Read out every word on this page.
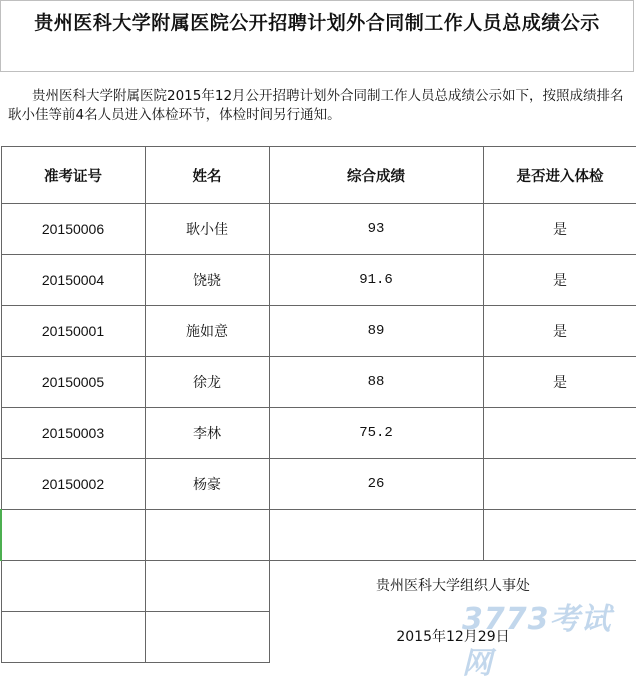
贵州医科大学附属医院公开招聘计划外合同制工作人员总成绩公示
贵州医科大学附属医院2015年12月公开招聘计划外合同制工作人员总成绩公示如下，按照成绩排名耿小佳等前4名人员进入体检环节，体检时间另行通知。
准考证号	姓名	综合成绩	是否进入体检
20150006	耿小佳	93	是
20150004	饶骁	91.6	是
20150001	施如意	89	是
20150005	徐龙	88	是
20150003	李林	75.2	
20150002	杨豪	26	

贵州医科大学组织人事处
3773考试网
2015年12月29日
